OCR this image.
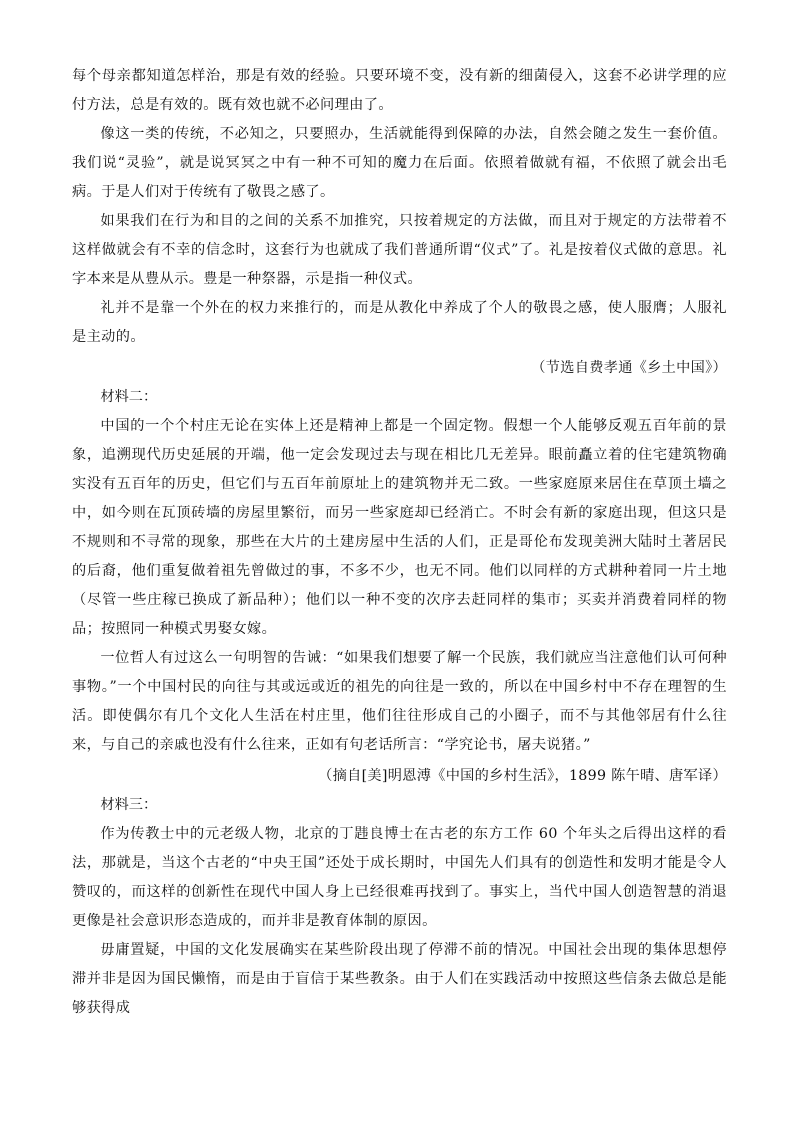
每个母亲都知道怎样治，那是有效的经验。只要环境不变，没有新的细菌侵入，这套不必讲学理的应付方法，总是有效的。既有效也就不必问理由了。

像这一类的传统，不必知之，只要照办，生活就能得到保障的办法，自然会随之发生一套价值。我们说“灵验”，就是说冥冥之中有一种不可知的魔力在后面。依照着做就有福，不依照了就会出毛病。于是人们对于传统有了敬畏之感了。

如果我们在行为和目的之间的关系不加推究，只按着规定的方法做，而且对于规定的方法带着不这样做就会有不幸的信念时，这套行为也就成了我们普通所谓“仪式”了。礼是按着仪式做的意思。礼字本来是从豊从示。豊是一种祭器，示是指一种仪式。

礼并不是靠一个外在的权力来推行的，而是从教化中养成了个人的敬畏之感，使人服膺；人服礼是主动的。

（节选自费孝通《乡土中国》）

材料二：

中国的一个个村庄无论在实体上还是精神上都是一个固定物。假想一个人能够反观五百年前的景象，追溯现代历史延展的开端，他一定会发现过去与现在相比几无差异。眼前矗立着的住宅建筑物确实没有五百年的历史，但它们与五百年前原址上的建筑物并无二致。一些家庭原来居住在草顶土墙之中，如今则在瓦顶砖墙的房屋里繁衍，而另一些家庭却已经消亡。不时会有新的家庭出现，但这只是不规则和不寻常的现象，那些在大片的土建房屋中生活的人们，正是哥伦布发现美洲大陆时土著居民的后裔，他们重复做着祖先曾做过的事，不多不少，也无不同。他们以同样的方式耕种着同一片土地（尽管一些庄稼已换成了新品种）；他们以一种不变的次序去赶同样的集市；买卖并消费着同样的物品；按照同一种模式男娶女嫁。

一位哲人有过这么一句明智的告诫：“如果我们想要了解一个民族，我们就应当注意他们认可何种事物。”一个中国村民的向往与其或远或近的祖先的向往是一致的，所以在中国乡村中不存在理智的生活。即使偶尔有几个文化人生活在村庄里，他们往往形成自己的小圈子，而不与其他邻居有什么往来，与自己的亲戚也没有什么往来，正如有句老话所言：“学究论书，屠夫说猪。”

（摘自[美]明恩溥《中国的乡村生活》，1899 陈午晴、唐军译）

材料三：

作为传教士中的元老级人物，北京的丁韪良博士在古老的东方工作 60 个年头之后得出这样的看法，那就是，当这个古老的“中央王国”还处于成长期时，中国先人们具有的创造性和发明才能是令人赞叹的，而这样的创新性在现代中国人身上已经很难再找到了。事实上，当代中国人创造智慧的消退更像是社会意识形态造成的，而并非是教育体制的原因。

毋庸置疑，中国的文化发展确实在某些阶段出现了停滞不前的情况。中国社会出现的集体思想停滞并非是因为国民懒惰，而是由于盲信于某些教条。由于人们在实践活动中按照这些信条去做总是能够获得成
